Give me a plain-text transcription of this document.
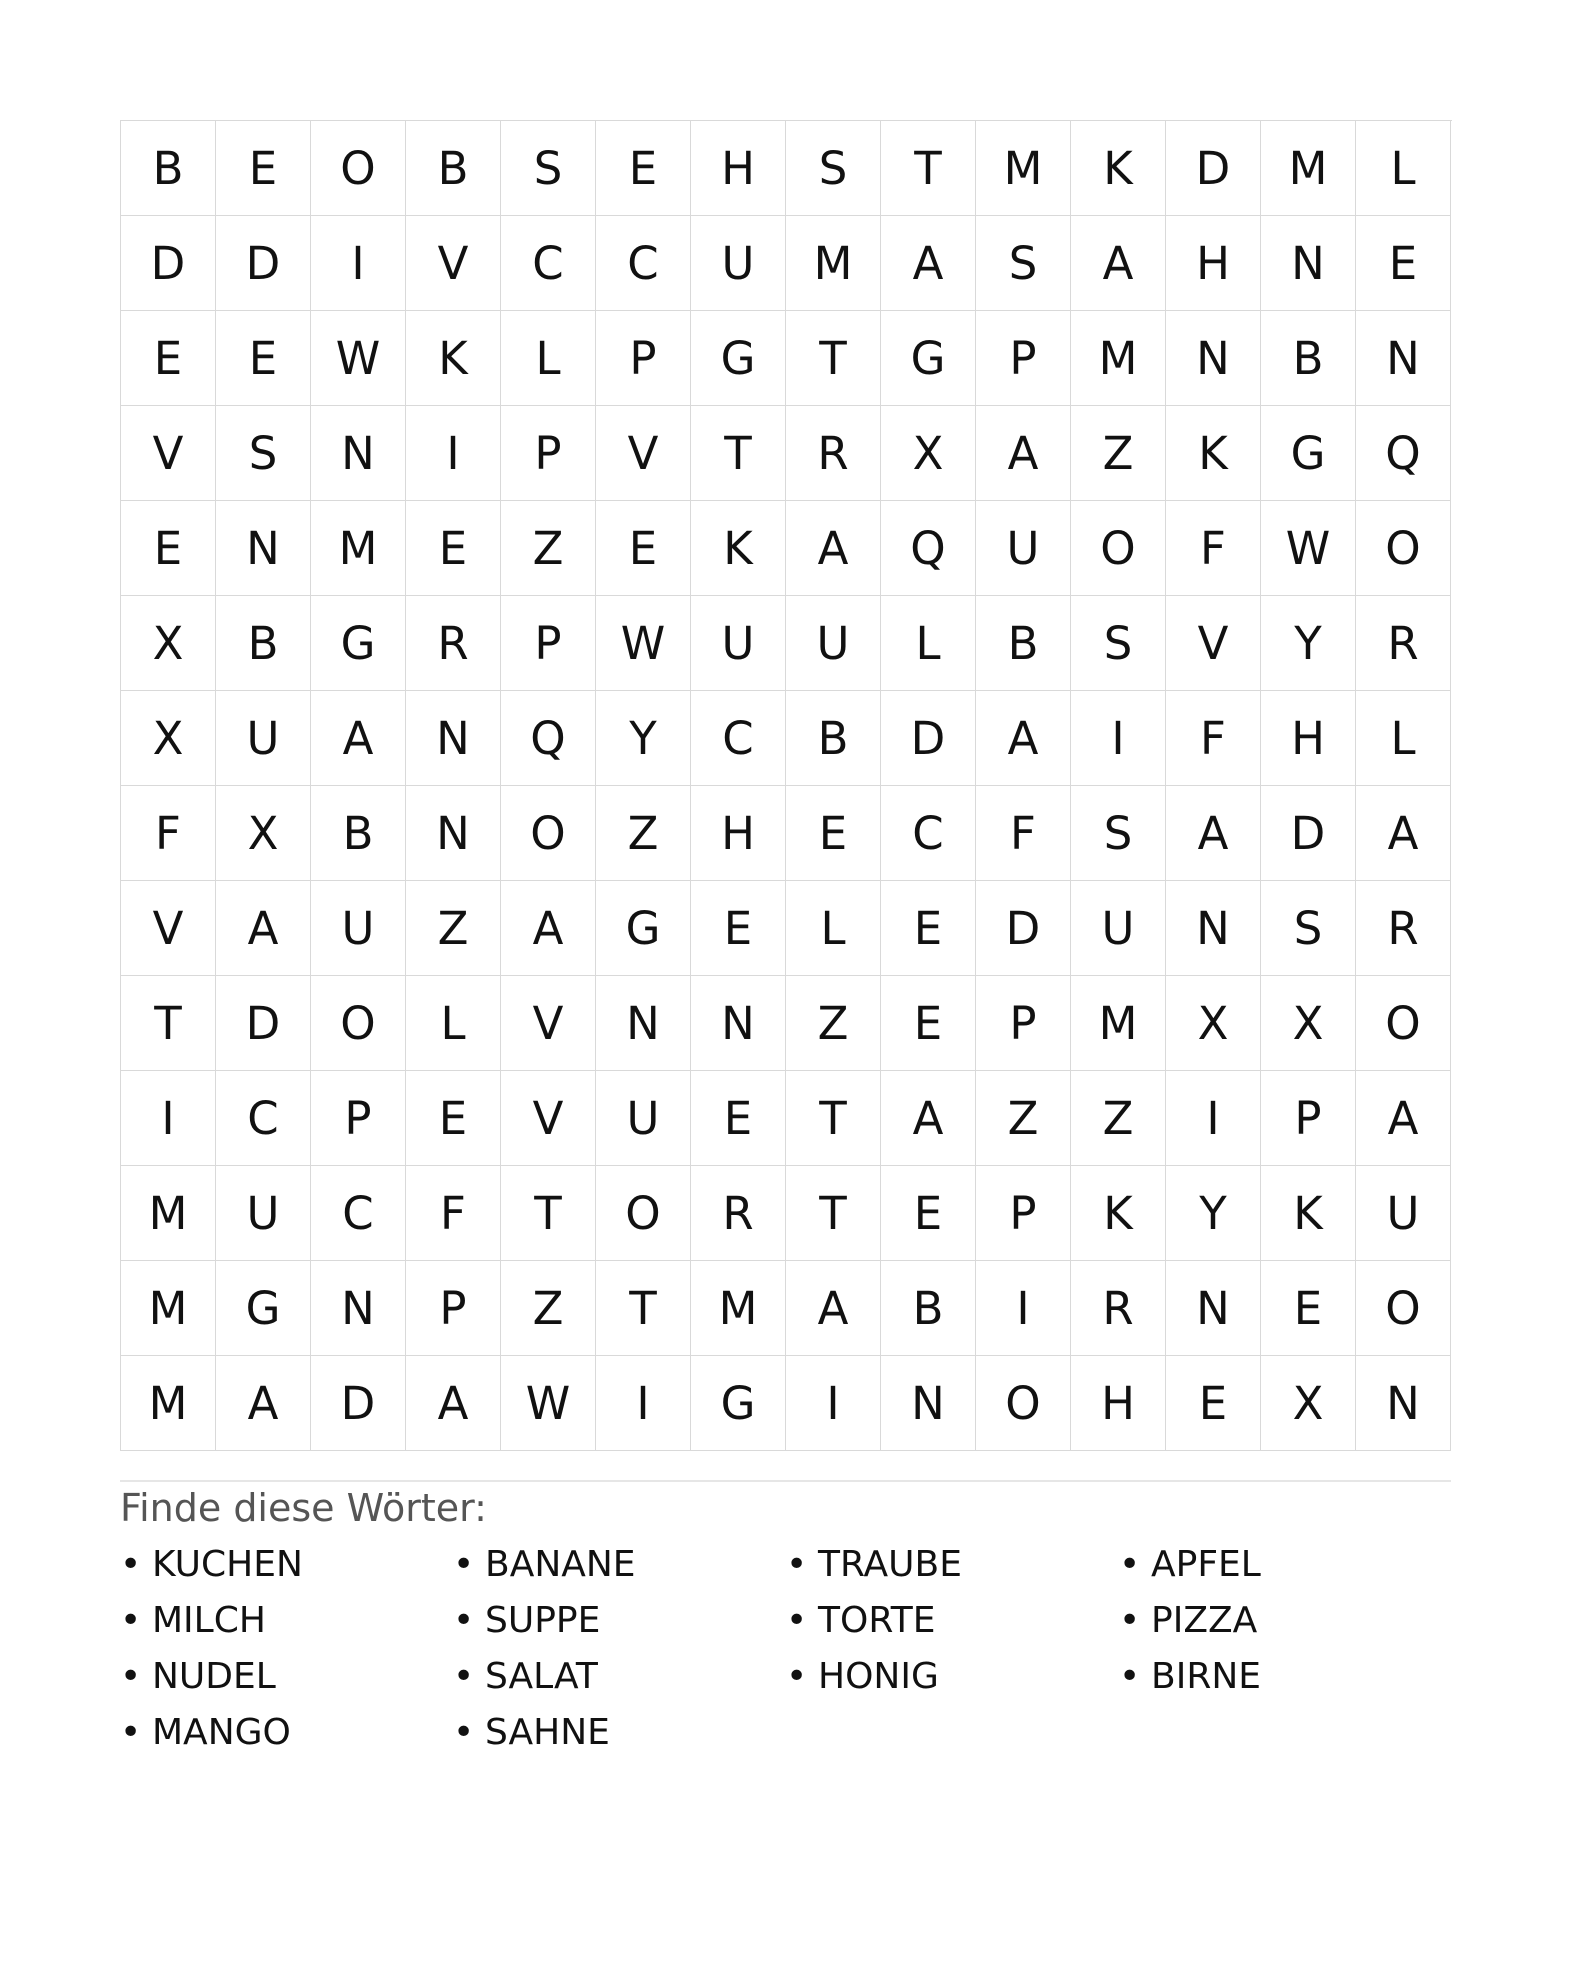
B	E	O	B	S	E	H	S	T	M	K	D	M	L
D	D	I	V	C	C	U	M	A	S	A	H	N	E
E	E	W	K	L	P	G	T	G	P	M	N	B	N
V	S	N	I	P	V	T	R	X	A	Z	K	G	Q
E	N	M	E	Z	E	K	A	Q	U	O	F	W	O
X	B	G	R	P	W	U	U	L	B	S	V	Y	R
X	U	A	N	Q	Y	C	B	D	A	I	F	H	L
F	X	B	N	O	Z	H	E	C	F	S	A	D	A
V	A	U	Z	A	G	E	L	E	D	U	N	S	R
T	D	O	L	V	N	N	Z	E	P	M	X	X	O
I	C	P	E	V	U	E	T	A	Z	Z	I	P	A
M	U	C	F	T	O	R	T	E	P	K	Y	K	U
M	G	N	P	Z	T	M	A	B	I	R	N	E	O
M	A	D	A	W	I	G	I	N	O	H	E	X	N
Finde diese Wörter:
• KUCHEN	• BANANE	• TRAUBE	• APFEL
• MILCH	• SUPPE	• TORTE	• PIZZA
• NUDEL	• SALAT	• HONIG	• BIRNE
• MANGO	• SAHNE
